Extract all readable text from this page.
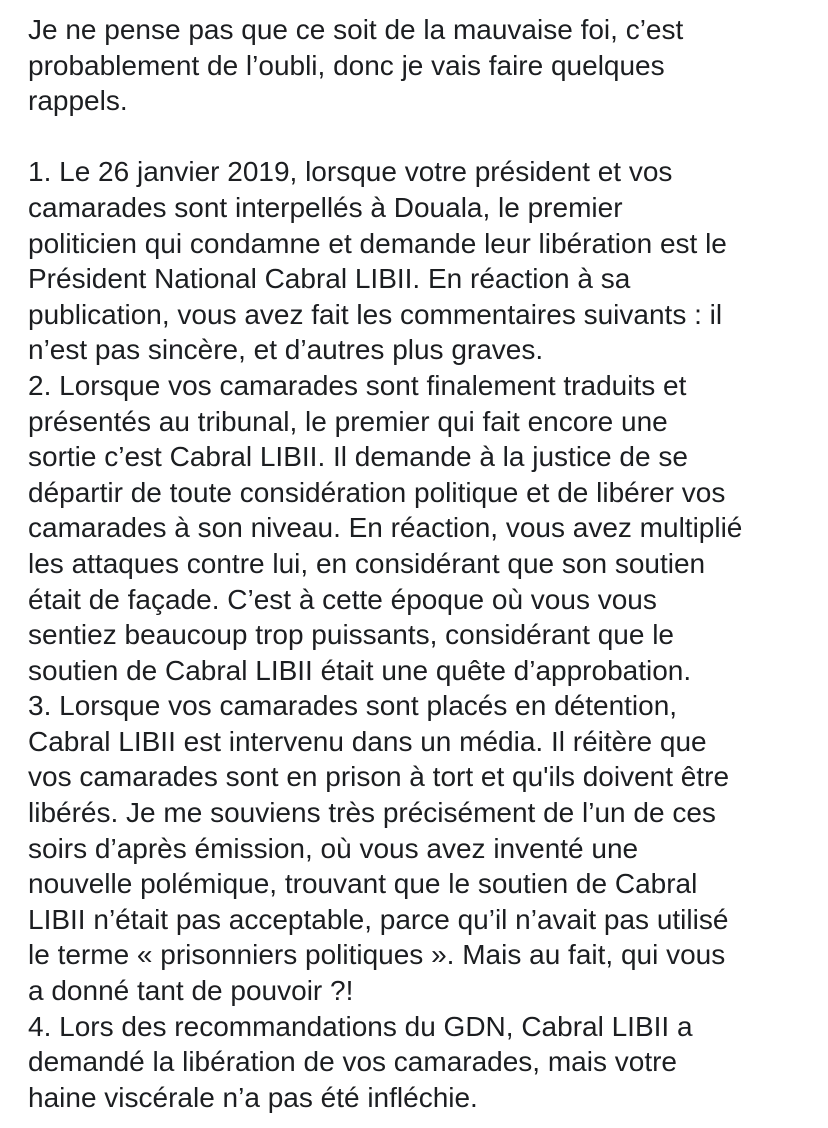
Je ne pense pas que ce soit de la mauvaise foi, c’est
probablement de l’oubli, donc je vais faire quelques
rappels.

1. Le 26 janvier 2019, lorsque votre président et vos
camarades sont interpellés à Douala, le premier
politicien qui condamne et demande leur libération est le
Président National Cabral LIBII. En réaction à sa
publication, vous avez fait les commentaires suivants : il
n’est pas sincère, et d’autres plus graves.

2. Lorsque vos camarades sont finalement traduits et
présentés au tribunal, le premier qui fait encore une
sortie c’est Cabral LIBII. Il demande à la justice de se
départir de toute considération politique et de libérer vos
camarades à son niveau. En réaction, vous avez multiplié
les attaques contre lui, en considérant que son soutien
était de façade. C’est à cette époque où vous vous
sentiez beaucoup trop puissants, considérant que le
soutien de Cabral LIBII était une quête d’approbation.

3. Lorsque vos camarades sont placés en détention,
Cabral LIBII est intervenu dans un média. Il réitère que
vos camarades sont en prison à tort et qu'ils doivent être
libérés. Je me souviens très précisément de l’un de ces
soirs d’après émission, où vous avez inventé une
nouvelle polémique, trouvant que le soutien de Cabral
LIBII n’était pas acceptable, parce qu’il n’avait pas utilisé
le terme « prisonniers politiques ». Mais au fait, qui vous
a donné tant de pouvoir ?!

4. Lors des recommandations du GDN, Cabral LIBII a
demandé la libération de vos camarades, mais votre
haine viscérale n’a pas été infléchie.
